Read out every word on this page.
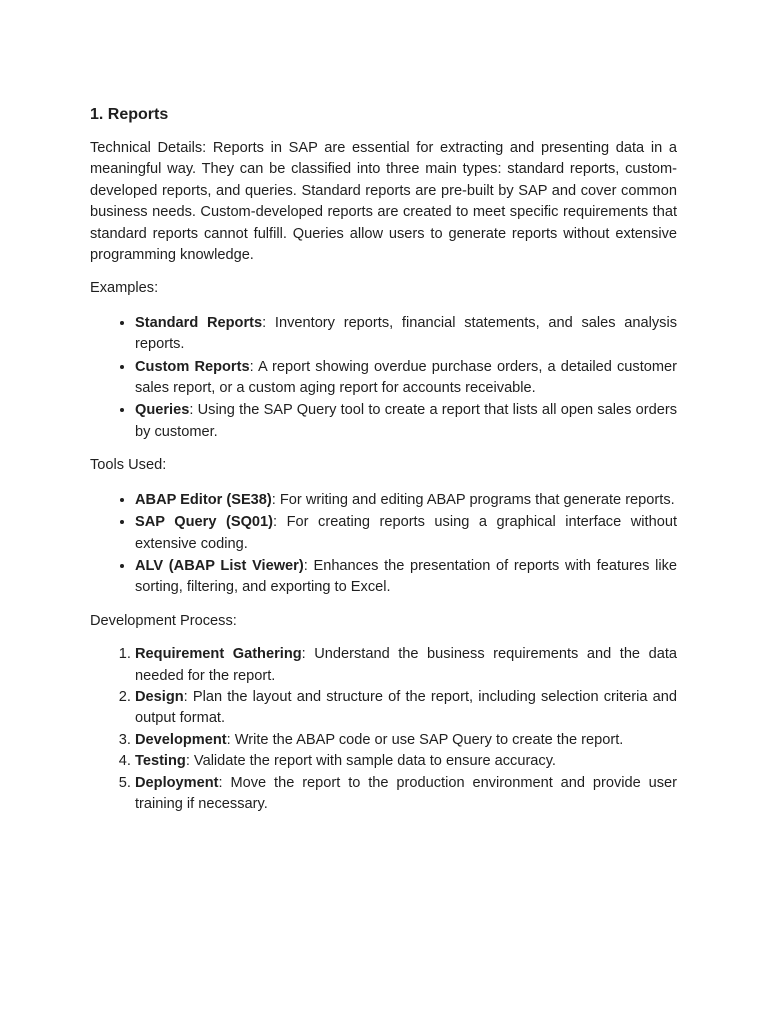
1. Reports

Technical Details: Reports in SAP are essential for extracting and presenting data in a meaningful way. They can be classified into three main types: standard reports, custom-developed reports, and queries. Standard reports are pre-built by SAP and cover common business needs. Custom-developed reports are created to meet specific requirements that standard reports cannot fulfill. Queries allow users to generate reports without extensive programming knowledge.

Examples:

• Standard Reports: Inventory reports, financial statements, and sales analysis reports.
• Custom Reports: A report showing overdue purchase orders, a detailed customer sales report, or a custom aging report for accounts receivable.
• Queries: Using the SAP Query tool to create a report that lists all open sales orders by customer.

Tools Used:

• ABAP Editor (SE38): For writing and editing ABAP programs that generate reports.
• SAP Query (SQ01): For creating reports using a graphical interface without extensive coding.
• ALV (ABAP List Viewer): Enhances the presentation of reports with features like sorting, filtering, and exporting to Excel.

Development Process:

1. Requirement Gathering: Understand the business requirements and the data needed for the report.
2. Design: Plan the layout and structure of the report, including selection criteria and output format.
3. Development: Write the ABAP code or use SAP Query to create the report.
4. Testing: Validate the report with sample data to ensure accuracy.
5. Deployment: Move the report to the production environment and provide user training if necessary.
